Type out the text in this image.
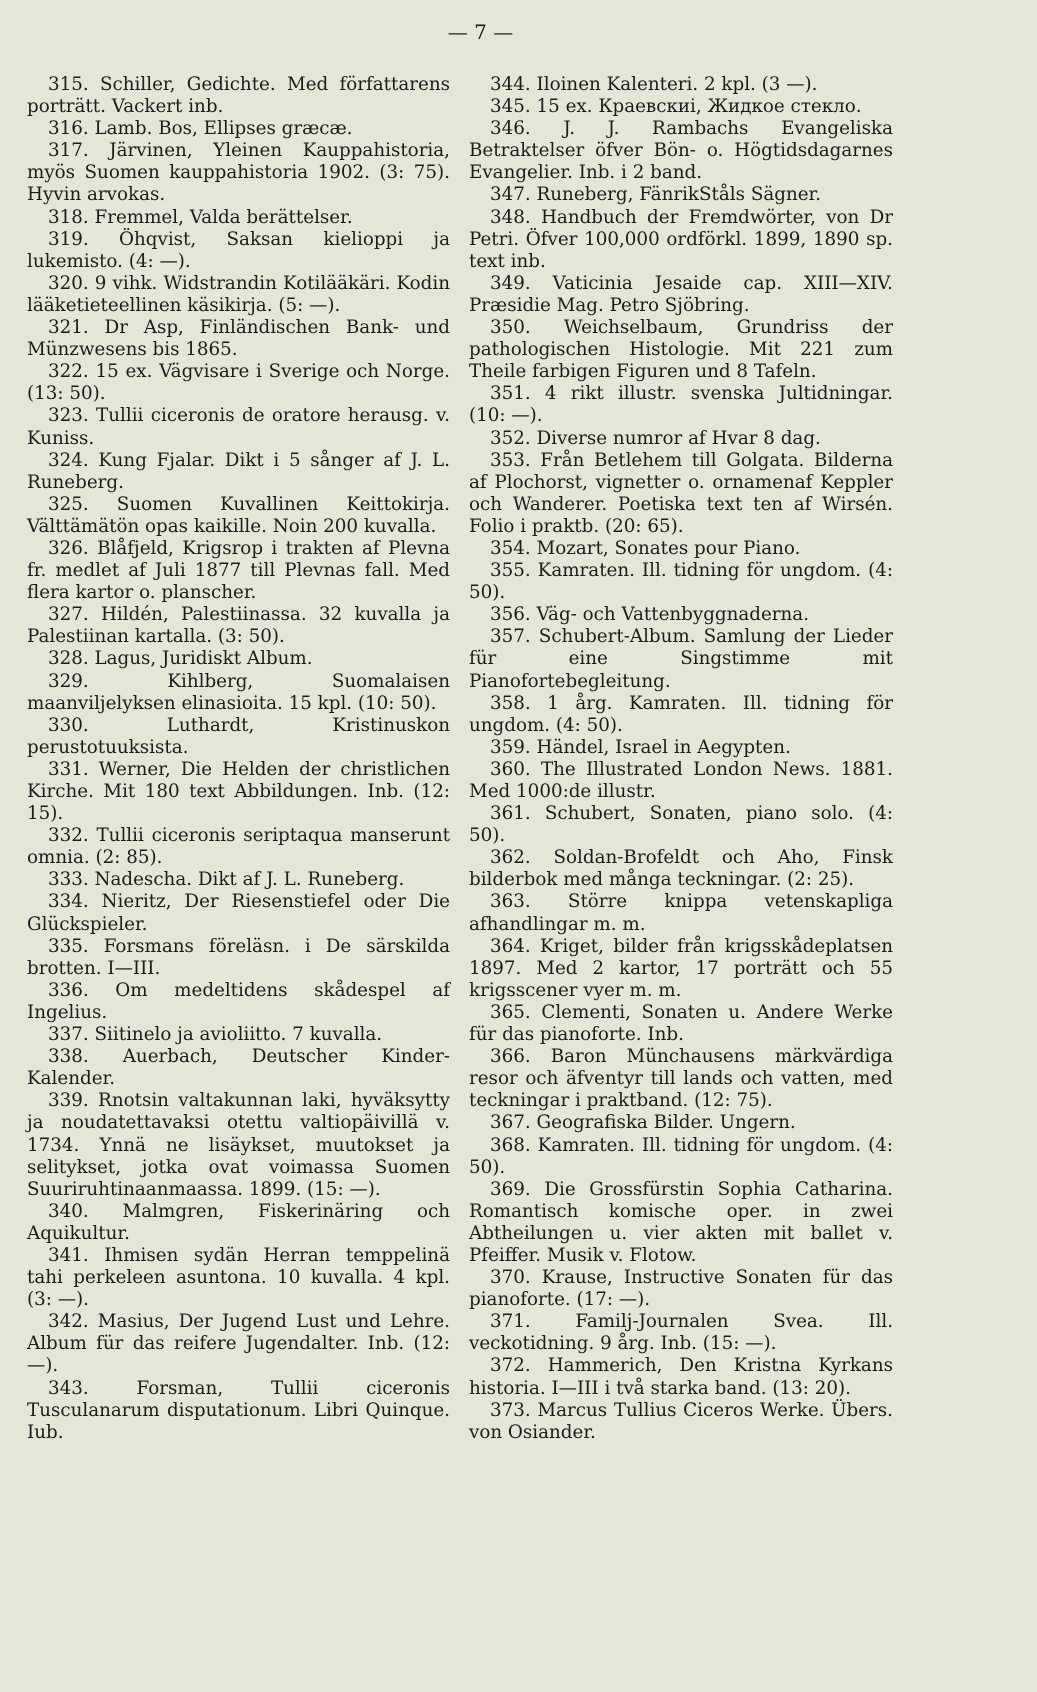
— 7 —

315. Schiller, Gedichte. Med författarens porträtt. Vackert inb.

316. Lamb. Bos, Ellipses græcæ.

317. Järvinen, Yleinen Kauppahistoria, myös Suomen kauppahistoria 1902. (3: 75). Hyvin arvokas.

318. Fremmel, Valda berättelser.

319. Öhqvist, Saksan kielioppi ja lukemisto. (4: —).

320. 9 vihk. Widstrandin Kotilääkäri. Kodin lääketieteellinen käsikirja. (5: —).

321. Dr Asp, Finländischen Bank- und Münzwesens bis 1865.

322. 15 ex. Vägvisare i Sverige och Norge. (13: 50).

323. Tullii ciceronis de oratore herausg. v. Kuniss.

324. Kung Fjalar. Dikt i 5 sånger af J. L. Runeberg.

325. Suomen Kuvallinen Keittokirja. Välttämätön opas kaikille. Noin 200 kuvalla.

326. Blåfjeld, Krigsrop i trakten af Plevna fr. medlet af Juli 1877 till Plevnas fall. Med flera kartor o. planscher.

327. Hildén, Palestiinassa. 32 kuvalla ja Palestiinan kartalla. (3: 50).

328. Lagus, Juridiskt Album.

329. Kihlberg, Suomalaisen maanviljelyksen elinasioita. 15 kpl. (10: 50).

330. Luthardt, Kristinuskon perustotuuksista.

331. Werner, Die Helden der christlichen Kirche. Mit 180 text Abbildungen. Inb. (12: 15).

332. Tullii ciceronis seriptaqua manserunt omnia. (2: 85).

333. Nadescha. Dikt af J. L. Runeberg.

334. Nieritz, Der Riesenstiefel oder Die Glückspieler.

335. Forsmans föreläsn. i De särskilda brotten. I—III.

336. Om medeltidens skådespel af Ingelius.

337. Siitinelo ja avioliitto. 7 kuvalla.

338. Auerbach, Deutscher Kinder-Kalender.

339. Rnotsin valtakunnan laki, hyväksytty ja noudatettavaksi otettu valtiopäivillä v. 1734. Ynnä ne lisäykset, muutokset ja selitykset, jotka ovat voimassa Suomen Suuriruhtinaanmaassa. 1899. (15: —).

340. Malmgren, Fiskerinäring och Aquikultur.

341. Ihmisen sydän Herran temppelinä tahi perkeleen asuntona. 10 kuvalla. 4 kpl. (3: —).

342. Masius, Der Jugend Lust und Lehre. Album für das reifere Jugendalter. Inb. (12: —).

343. Forsman, Tullii ciceronis Tusculanarum disputationum. Libri Quinque. Iub.

344. Iloinen Kalenteri. 2 kpl. (3 —).

345. 15 ex. Краевскиі, Жидкое стекло.

346. J. J. Rambachs Evangeliska Betraktelser öfver Bön- o. Högtidsdagarnes Evangelier. Inb. i 2 band.

347. Runeberg, FänrikStåls Sägner.

348. Handbuch der Fremdwörter, von Dr Petri. Öfver 100,000 ordförkl. 1899, 1890 sp. text inb.

349. Vaticinia Jesaide cap. XIII—XIV. Præsidie Mag. Petro Sjöbring.

350. Weichselbaum, Grundriss der pathologischen Histologie. Mit 221 zum Theile farbigen Figuren und 8 Tafeln.

351. 4 rikt illustr. svenska Jultidningar. (10: —).

352. Diverse numror af Hvar 8 dag.

353. Från Betlehem till Golgata. Bilderna af Plochorst, vignetter o. ornamenaf Keppler och Wanderer. Poetiska text ten af Wirsén. Folio i praktb. (20: 65).

354. Mozart, Sonates pour Piano.

355. Kamraten. Ill. tidning för ungdom. (4: 50).

356. Väg- och Vattenbyggnaderna.

357. Schubert-Album. Samlung der Lieder für eine Singstimme mit Pianofortebegleitung.

358. 1 årg. Kamraten. Ill. tidning för ungdom. (4: 50).

359. Händel, Israel in Aegypten.

360. The Illustrated London News. 1881. Med 1000:de illustr.

361. Schubert, Sonaten, piano solo. (4: 50).

362. Soldan-Brofeldt och Aho, Finsk bilderbok med många teckningar. (2: 25).

363. Större knippa vetenskapliga afhandlingar m. m.

364. Kriget, bilder från krigsskådeplatsen 1897. Med 2 kartor, 17 porträtt och 55 krigsscener vyer m. m.

365. Clementi, Sonaten u. Andere Werke für das pianoforte. Inb.

366. Baron Münchausens märkvärdiga resor och äfventyr till lands och vatten, med teckningar i praktband. (12: 75).

367. Geografiska Bilder. Ungern.

368. Kamraten. Ill. tidning för ungdom. (4: 50).

369. Die Grossfürstin Sophia Catharina. Romantisch komische oper. in zwei Abtheilungen u. vier akten mit ballet v. Pfeiffer. Musik v. Flotow.

370. Krause, Instructive Sonaten für das pianoforte. (17: —).

371. Familj-Journalen Svea. Ill. veckotidning. 9 årg. Inb. (15: —).

372. Hammerich, Den Kristna Kyrkans historia. I—III i två starka band. (13: 20).

373. Marcus Tullius Ciceros Werke. Übers. von Osiander.
